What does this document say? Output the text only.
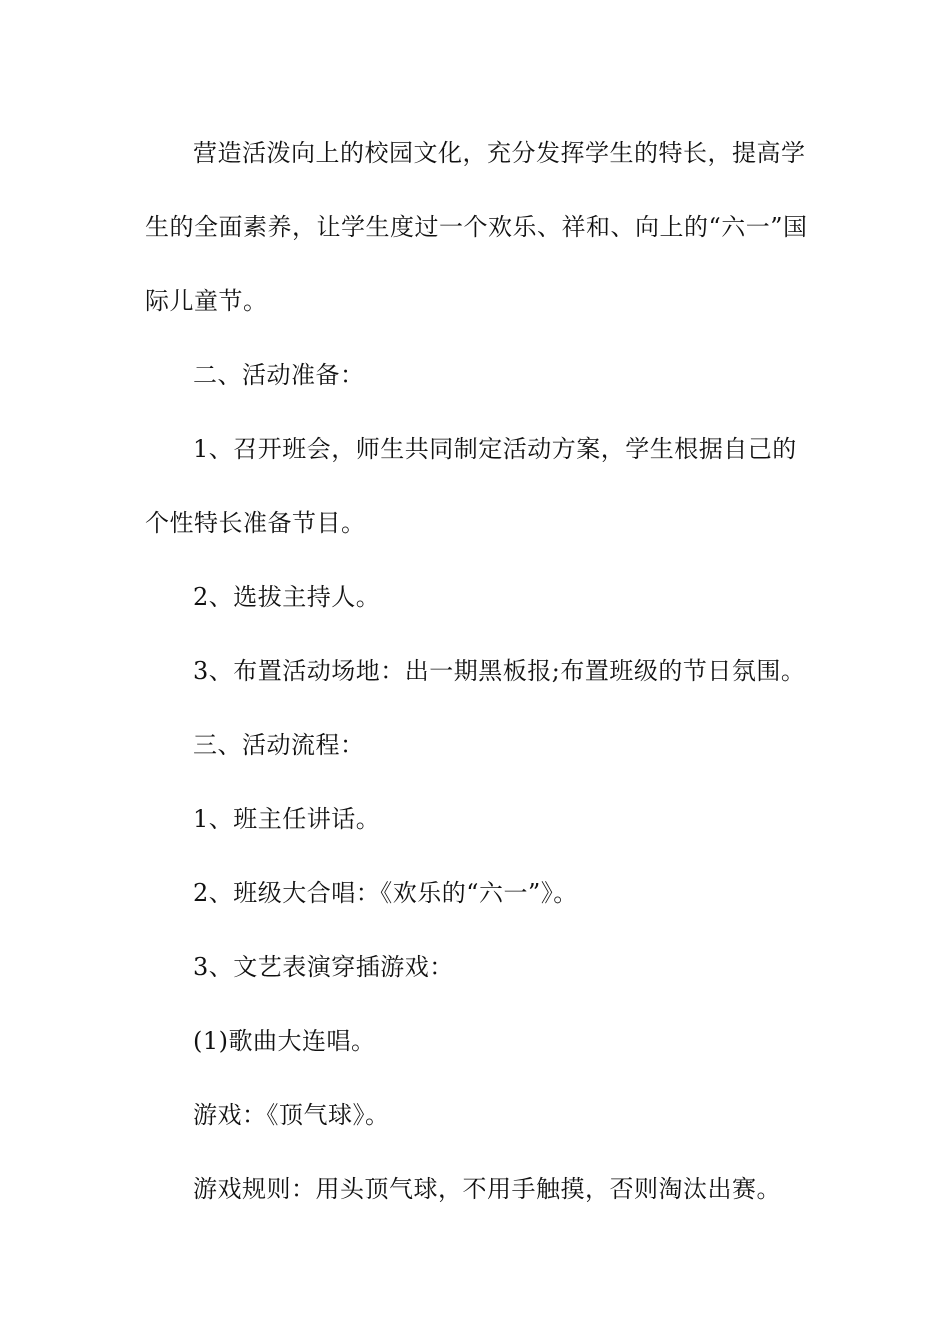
营造活泼向上的校园文化，充分发挥学生的特长，提高学生的全面素养，让学生度过一个欢乐、祥和、向上的“六一”国际儿童节。

二、活动准备：

1、召开班会，师生共同制定活动方案，学生根据自己的个性特长准备节目。

2、选拔主持人。

3、布置活动场地：出一期黑板报;布置班级的节日氛围。

三、活动流程：

1、班主任讲话。

2、班级大合唱：《欢乐的“六一”》。

3、文艺表演穿插游戏：

(1)歌曲大连唱。

游戏：《顶气球》。

游戏规则：用头顶气球，不用手触摸，否则淘汰出赛。
